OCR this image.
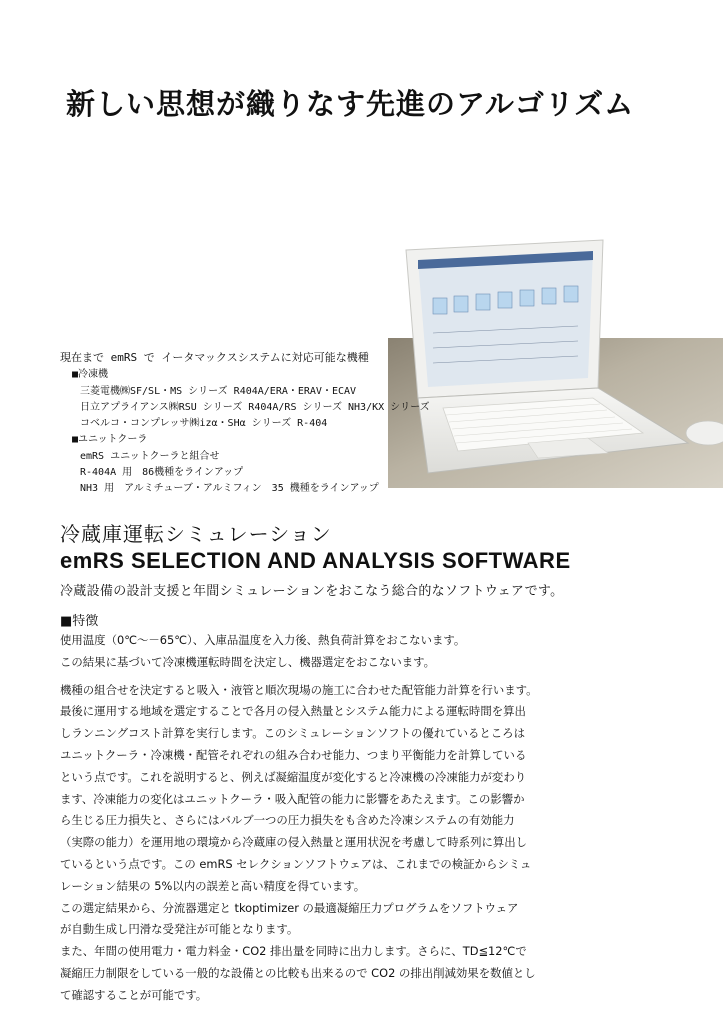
新しい思想が織りなす先進のアルゴリズム
現在まで emRS で イータマックスシステムに対応可能な機種
■冷凍機
三菱電機㈱SF/SL・MS シリーズ R404A/ERA・ERAV・ECAV
日立アプライアンス㈱RSU シリーズ R404A/RS シリーズ NH3/KX シリーズ
コベルコ・コンプレッサ㈱izα・SHα シリーズ R-404
■ユニットクーラ
emRS ユニットクーラと組合せ
R-404A 用　86機種をラインアップ
NH3 用　アルミチューブ・アルミフィン　35 機種をラインアップ
冷蔵庫運転シミュレーション
emRS SELECTION AND ANALYSIS SOFTWARE
冷蔵設備の設計支援と年間シミュレーションをおこなう総合的なソフトウェアです。
■特徴

使用温度（0℃～－65℃）、入庫品温度を入力後、熱負荷計算をおこないます。

この結果に基づいて冷凍機運転時間を決定し、機器選定をおこないます。

機種の組合せを決定すると吸入・液管と順次現場の施工に合わせた配管能力計算を行います。

最後に運用する地域を選定することで各月の侵入熱量とシステム能力による運転時間を算出

しランニングコスト計算を実行します。このシミュレーションソフトの優れているところは

ユニットクーラ・冷凍機・配管それぞれの組み合わせ能力、つまり平衡能力を計算している

という点です。これを説明すると、例えば凝縮温度が変化すると冷凍機の冷凍能力が変わり

ます、冷凍能力の変化はユニットクーラ・吸入配管の能力に影響をあたえます。この影響か

ら生じる圧力損失と、さらにはバルブ一つの圧力損失をも含めた冷凍システムの有効能力

（実際の能力）を運用地の環境から冷蔵庫の侵入熱量と運用状況を考慮して時系列に算出し

ているという点です。この emRS セレクションソフトウェアは、これまでの検証からシミュ

レーション結果の 5%以内の誤差と高い精度を得ています。

この選定結果から、分流器選定と tkoptimizer の最適凝縮圧力プログラムをソフトウェア

が自動生成し円滑な受発注が可能となります。

また、年間の使用電力・電力料金・CO2 排出量を同時に出力します。さらに、TD≦12℃で

凝縮圧力制限をしている一般的な設備との比較も出来るので CO2 の排出削減効果を数値とし

て確認することが可能です。
